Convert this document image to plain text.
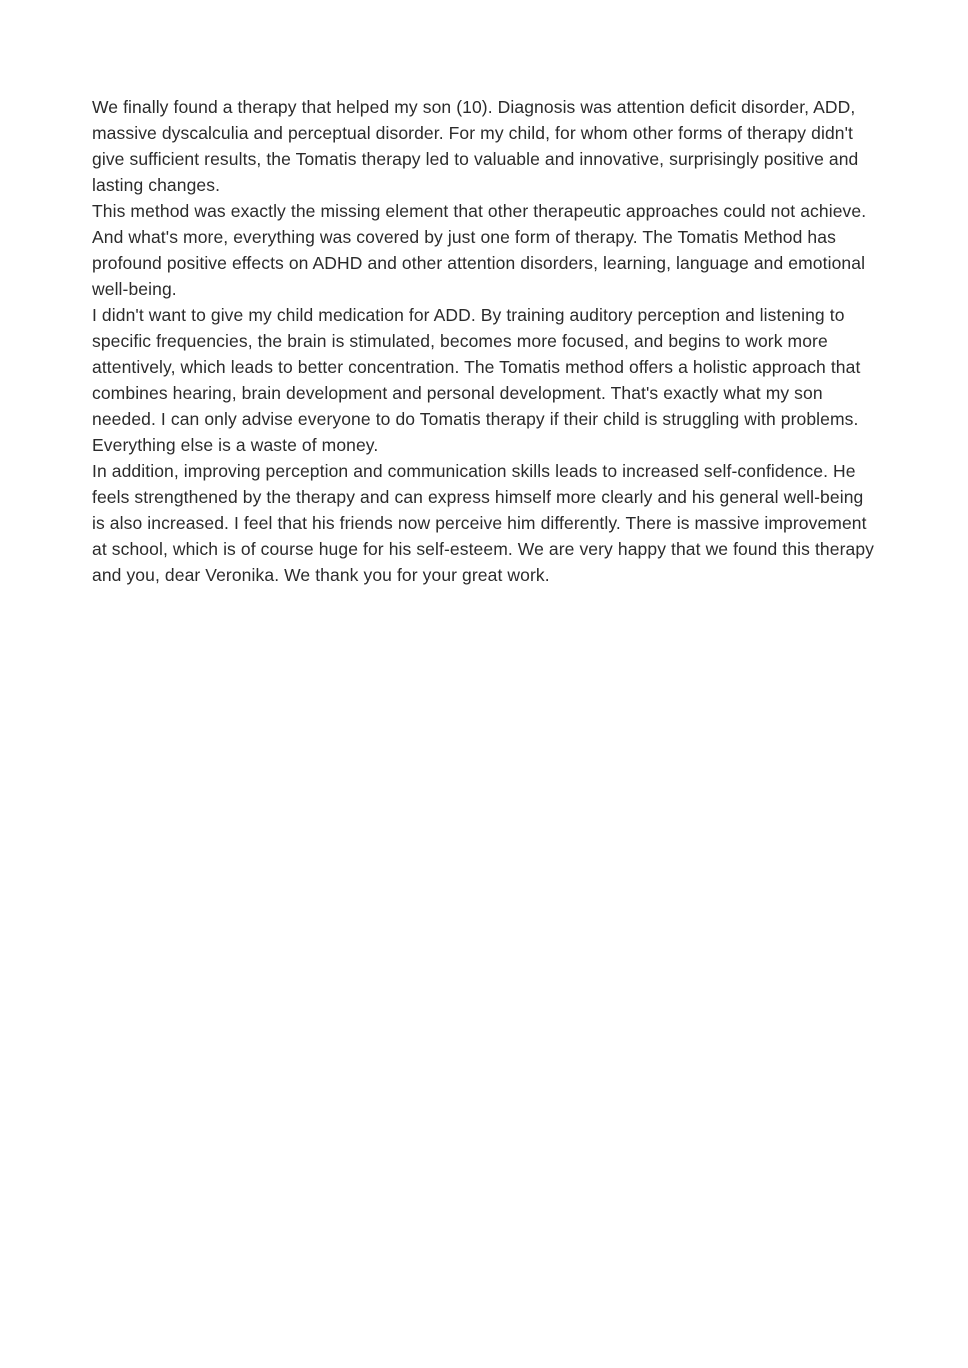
We finally found a therapy that helped my son (10). Diagnosis was attention deficit disorder, ADD, massive dyscalculia and perceptual disorder. For my child, for whom other forms of therapy didn't give sufficient results, the Tomatis therapy led to valuable and innovative, surprisingly positive and lasting changes.

This method was exactly the missing element that other therapeutic approaches could not achieve. And what's more, everything was covered by just one form of therapy. The Tomatis Method has profound positive effects on ADHD and other attention disorders, learning, language and emotional well-being.

I didn't want to give my child medication for ADD. By training auditory perception and listening to specific frequencies, the brain is stimulated, becomes more focused, and begins to work more attentively, which leads to better concentration. The Tomatis method offers a holistic approach that combines hearing, brain development and personal development. That's exactly what my son needed. I can only advise everyone to do Tomatis therapy if their child is struggling with problems. Everything else is a waste of money.

In addition, improving perception and communication skills leads to increased self-confidence. He feels strengthened by the therapy and can express himself more clearly and his general well-being is also increased. I feel that his friends now perceive him differently. There is massive improvement at school, which is of course huge for his self-esteem. We are very happy that we found this therapy and you, dear Veronika. We thank you for your great work.
